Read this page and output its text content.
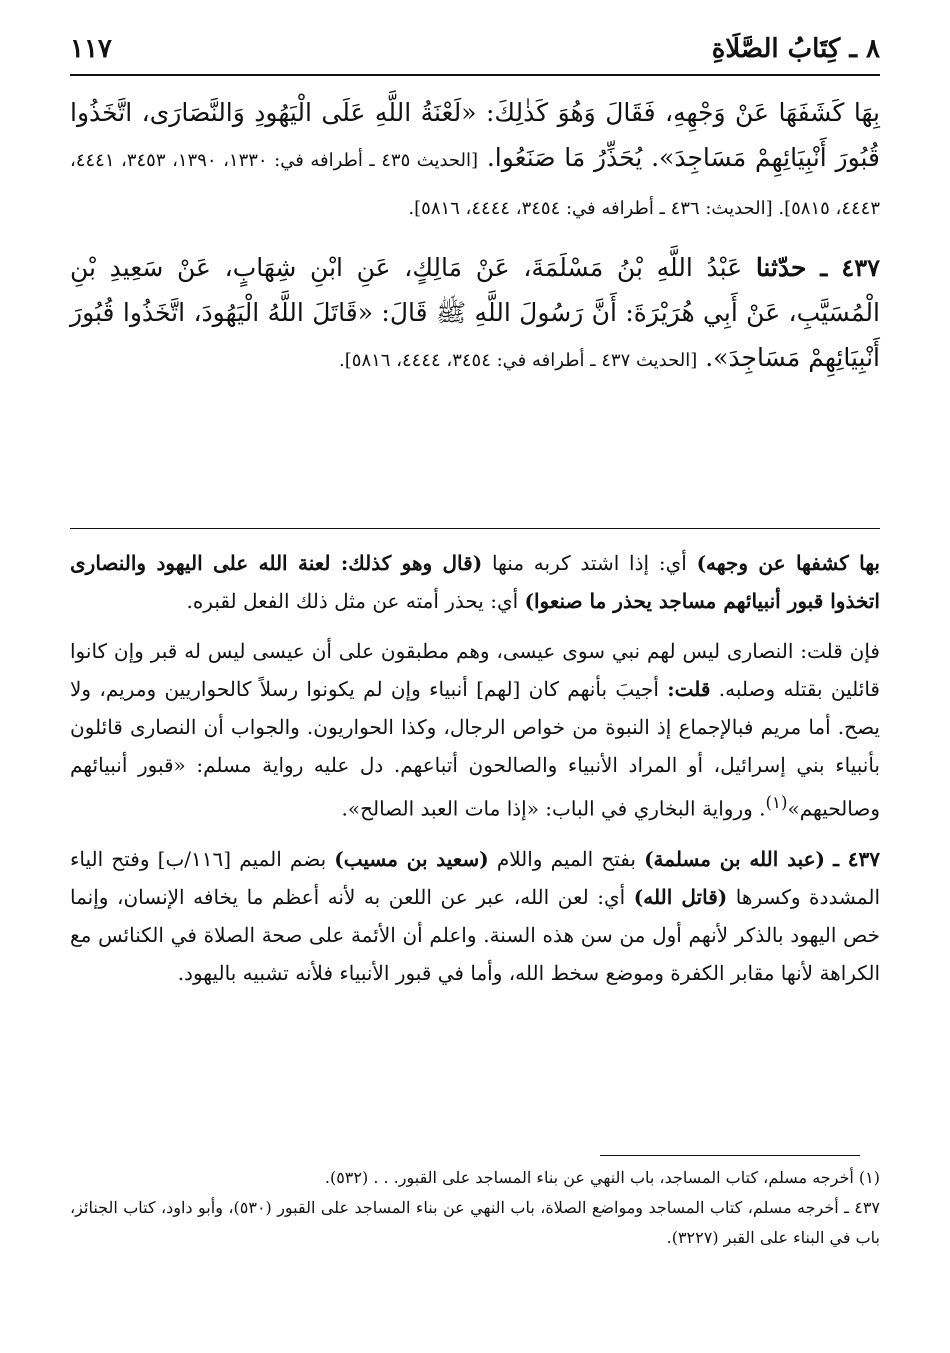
٨ ـ كِتَابُ الصَّلَاةِ
١١٧

بِهَا كَشَفَهَا عَنْ وَجْهِهِ، فَقَالَ وَهُوَ كَذٰلِكَ: «لَعْنَةُ اللَّهِ عَلَى الْيَهُودِ وَالنَّصَارَى، اتَّخَذُوا قُبُورَ أَنْبِيَائِهِمْ مَسَاجِدَ». يُحَذِّرُ مَا صَنَعُوا. [الحديث ٤٣٥ ـ أطرافه في: ١٣٣٠، ١٣٩٠، ٣٤٥٣، ٤٤٤١، ٤٤٤٣، ٥٨١٥]. [الحديث: ٤٣٦ ـ أطرافه في: ٣٤٥٤، ٤٤٤٤، ٥٨١٦].

٤٣٧ ـ حدّثنا عَبْدُ اللَّهِ بْنُ مَسْلَمَةَ، عَنْ مَالِكٍ، عَنِ ابْنِ شِهَابٍ، عَنْ سَعِيدِ بْنِ الْمُسَيَّبِ، عَنْ أَبِي هُرَيْرَةَ: أَنَّ رَسُولَ اللَّهِ ﷺ قَالَ: «قَاتَلَ اللَّهُ الْيَهُودَ، اتَّخَذُوا قُبُورَ أَنْبِيَائِهِمْ مَسَاجِدَ». [الحديث ٤٣٧ ـ أطرافه في: ٣٤٥٤، ٤٤٤٤، ٥٨١٦].

بها كشفها عن وجهه) أي: إذا اشتد كربه منها (قال وهو كذلك: لعنة الله على اليهود والنصارى اتخذوا قبور أنبيائهم مساجد يحذر ما صنعوا) أي: يحذر أمته عن مثل ذلك الفعل لقبره.

فإن قلت: النصارى ليس لهم نبي سوى عيسى، وهم مطبقون على أن عيسى ليس له قبر وإن كانوا قائلين بقتله وصلبه. قلت: أجيبَ بأنهم كان [لهم] أنبياء وإن لم يكونوا رسلاً كالحواريين ومريم، ولا يصح. أما مريم فبالإجماع إذ النبوة من خواص الرجال، وكذا الحواريون. والجواب أن النصارى قائلون بأنبياء بني إسرائيل، أو المراد الأنبياء والصالحون أتباعهم. دل عليه رواية مسلم: «قبور أنبيائهم وصالحيهم»$^{(١)}$. ورواية البخاري في الباب: «إذا مات العبد الصالح».

٤٣٧ ـ (عبد الله بن مسلمة) بفتح الميم واللام (سعيد بن مسيب) بضم الميم [١١٦/ب] وفتح الياء المشددة وكسرها (قاتل الله) أي: لعن الله، عبر عن اللعن به لأنه أعظم ما يخافه الإنسان، وإنما خص اليهود بالذكر لأنهم أول من سن هذه السنة. واعلم أن الأئمة على صحة الصلاة في الكنائس مع الكراهة لأنها مقابر الكفرة وموضع سخط الله، وأما في قبور الأنبياء فلأنه تشبيه باليهود.

(١) أخرجه مسلم، كتاب المساجد، باب النهي عن بناء المساجد على القبور. . . (٥٣٢).

٤٣٧ ـ أخرجه مسلم، كتاب المساجد ومواضع الصلاة، باب النهي عن بناء المساجد على القبور (٥٣٠)، وأبو داود، كتاب الجنائز، باب في البناء على القبر (٣٢٢٧).
